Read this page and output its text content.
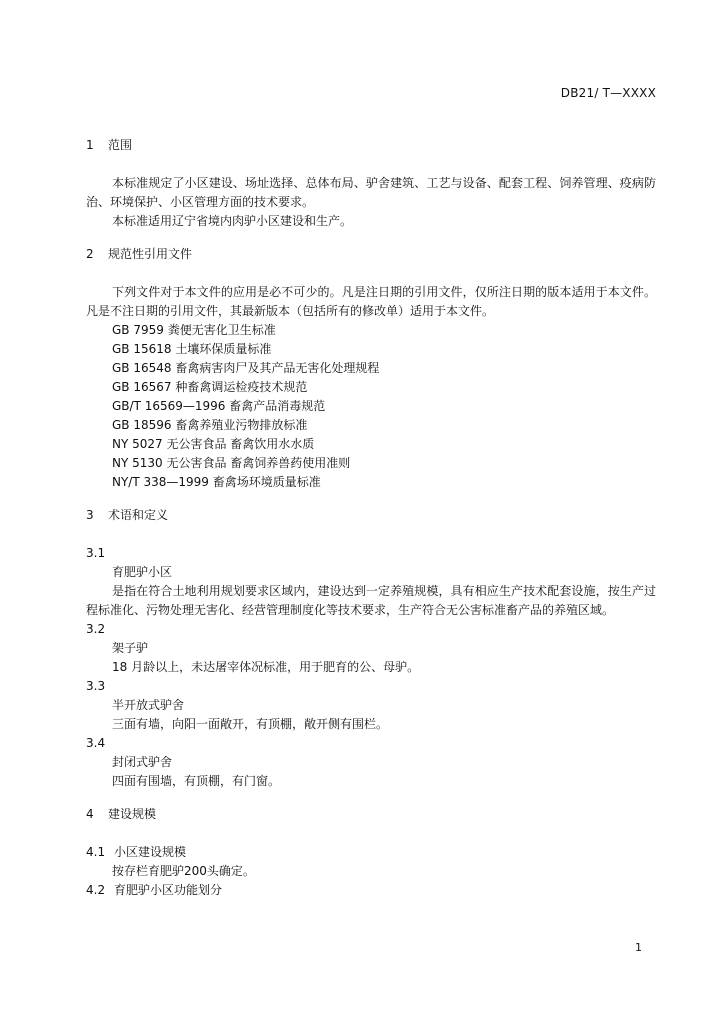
DB21/ T—XXXX
1	范围

本标准规定了小区建设、场址选择、总体布局、驴舍建筑、工艺与设备、配套工程、饲养管理、疫病防治、环境保护、小区管理方面的技术要求。

本标准适用辽宁省境内肉驴小区建设和生产。

2	规范性引用文件

下列文件对于本文件的应用是必不可少的。凡是注日期的引用文件，仅所注日期的版本适用于本文件。凡是不注日期的引用文件，其最新版本（包括所有的修改单）适用于本文件。

GB 7959 粪便无害化卫生标准

GB 15618 土壤环保质量标准

GB 16548 畜禽病害肉尸及其产品无害化处理规程

GB 16567 种畜禽调运检疫技术规范

GB/T 16569—1996 畜禽产品消毒规范

GB 18596 畜禽养殖业污物排放标准

NY 5027 无公害食品 畜禽饮用水水质

NY 5130 无公害食品 畜禽饲养兽药使用准则

NY/T 338—1999 畜禽场环境质量标准

3	术语和定义

3.1

育肥驴小区

是指在符合土地利用规划要求区域内，建设达到一定养殖规模，具有相应生产技术配套设施，按生产过程标准化、污物处理无害化、经营管理制度化等技术要求，生产符合无公害标准畜产品的养殖区域。

3.2

架子驴

18 月龄以上，未达屠宰体况标准，用于肥育的公、母驴。

3.3

半开放式驴舍

三面有墙，向阳一面敞开，有顶棚，敞开侧有围栏。

3.4

封闭式驴舍

四面有围墙，有顶棚，有门窗。

4	建设规模
4.1 小区建设规模

按存栏育肥驴200头确定。

4.2 育肥驴小区功能划分
1
